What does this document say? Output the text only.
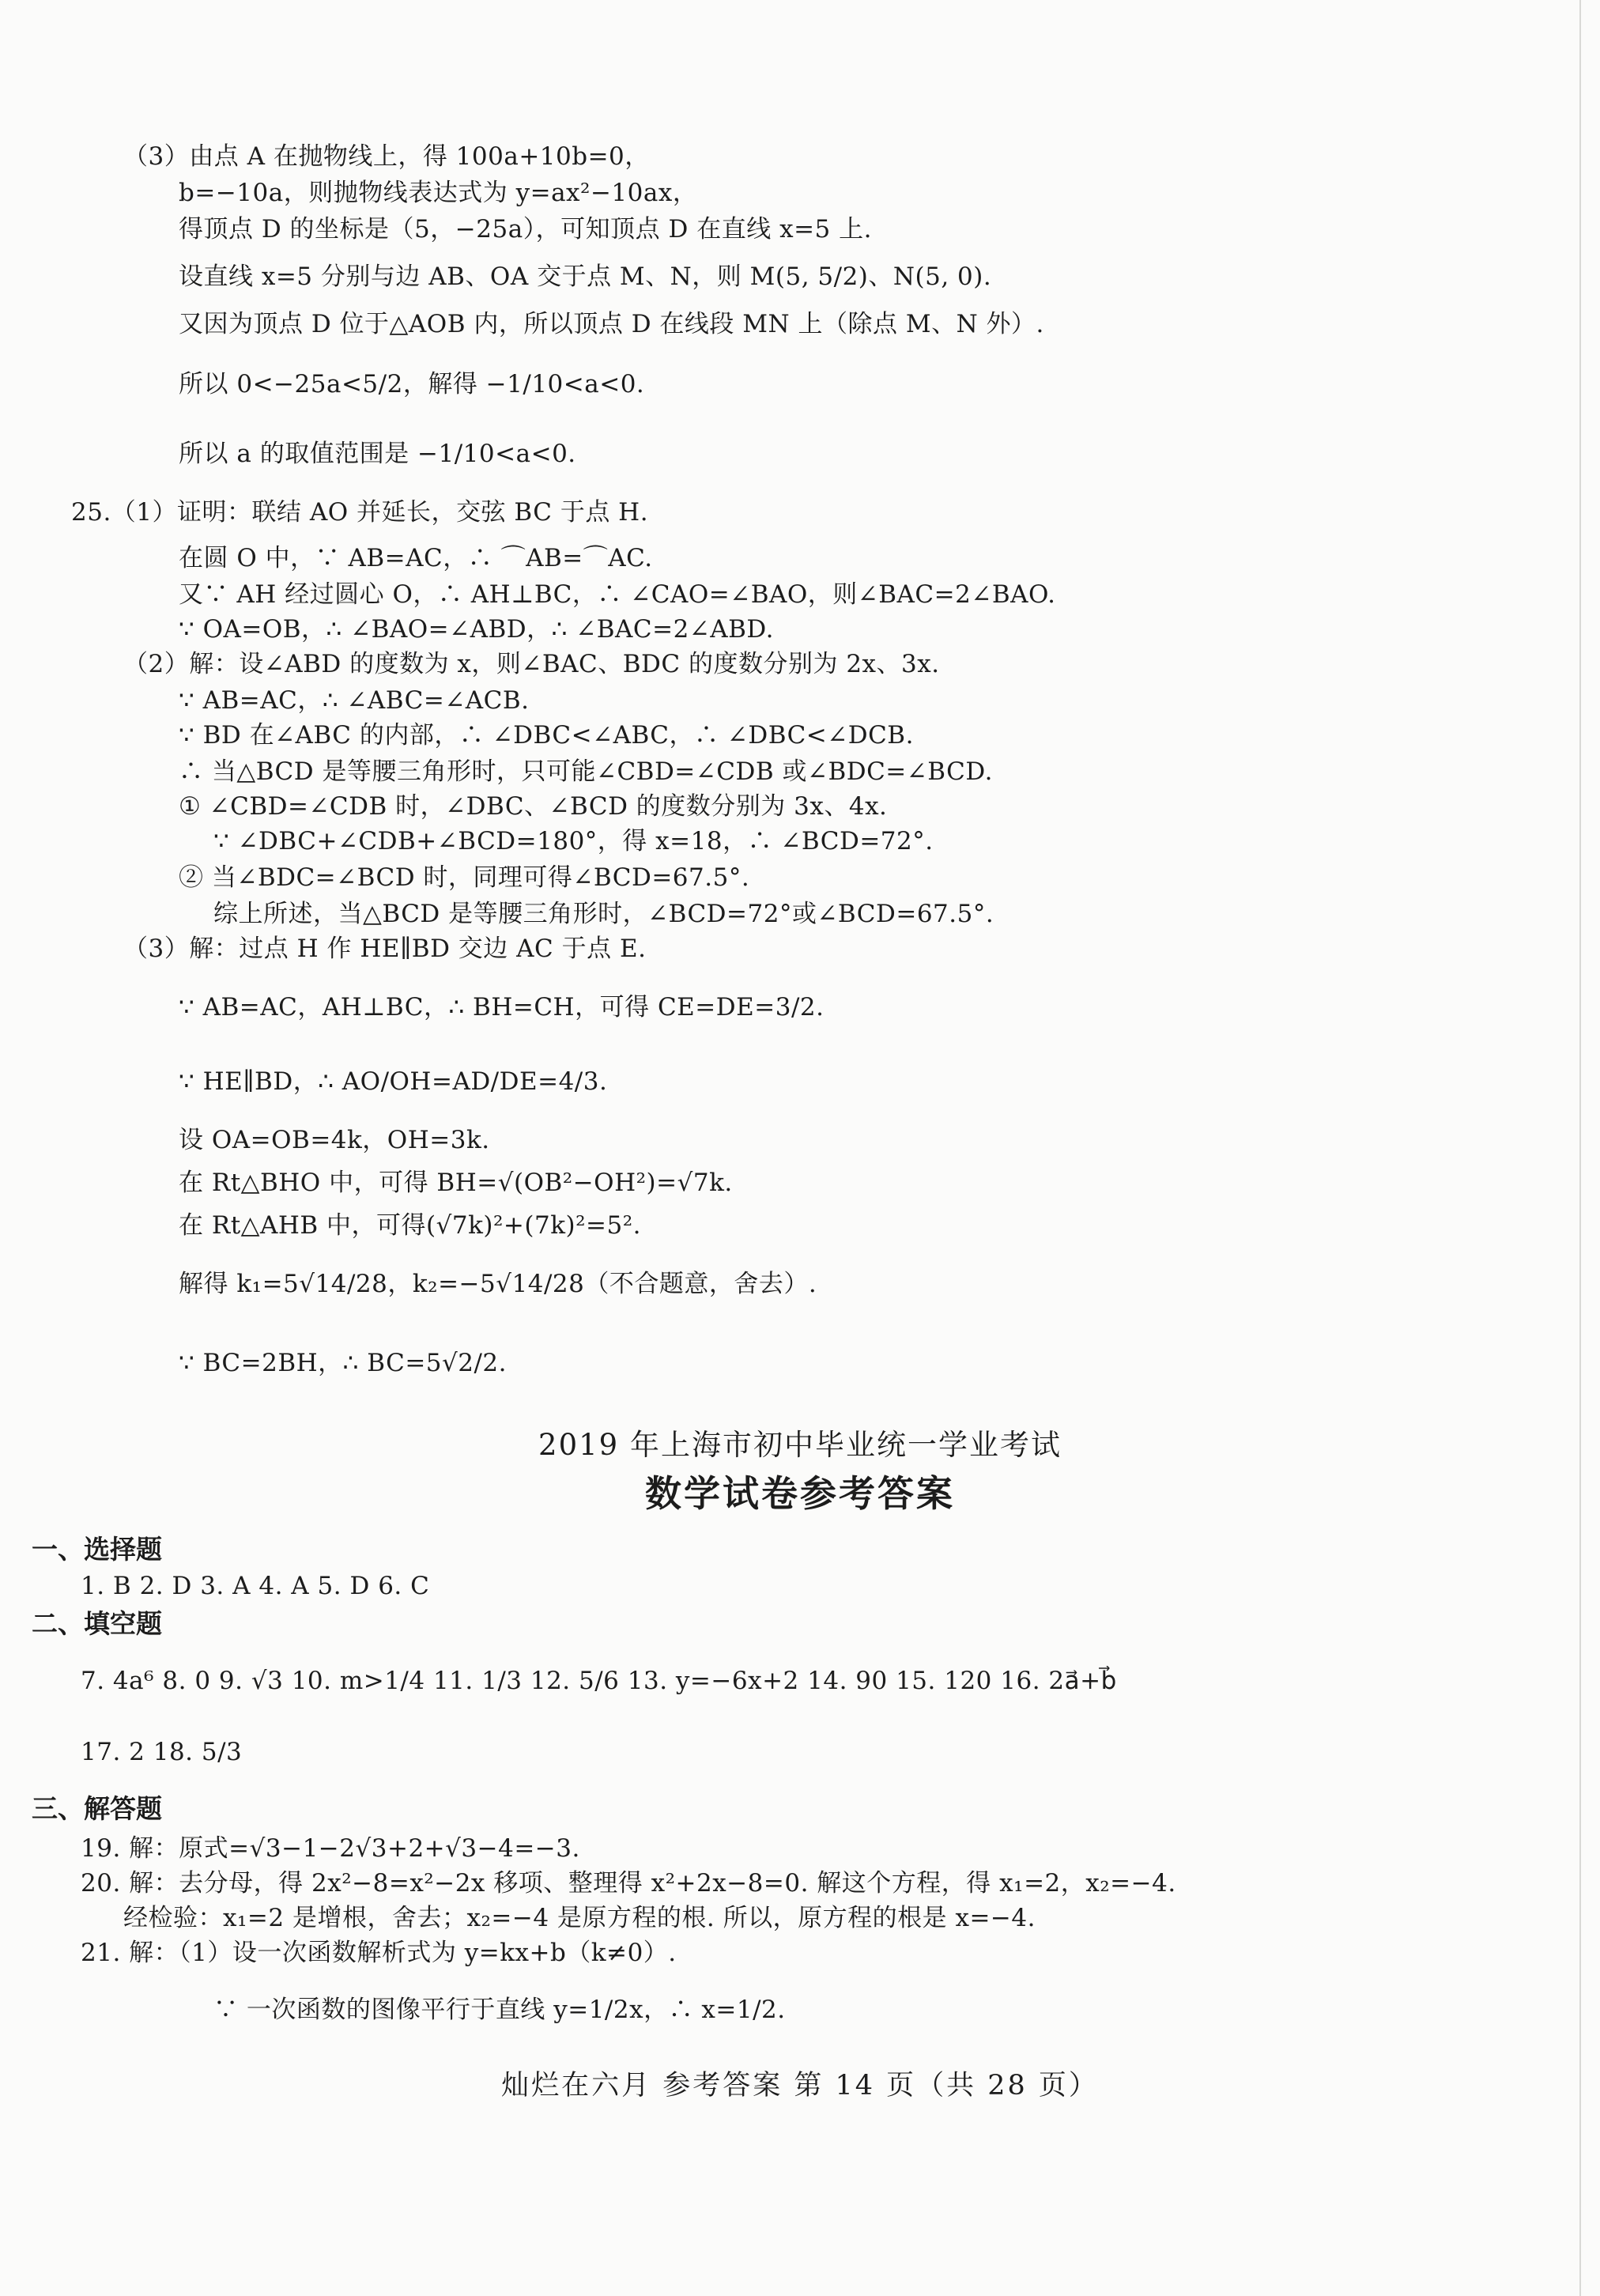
（3）由点 A 在抛物线上，得 100a+10b=0，
b=−10a，则抛物线表达式为 y=ax²−10ax，
得顶点 D 的坐标是（5，−25a），可知顶点 D 在直线 x=5 上.
设直线 x=5 分别与边 AB、OA 交于点 M、N，则 M(5, 5/2)、N(5, 0).
又因为顶点 D 位于△AOB 内，所以顶点 D 在线段 MN 上（除点 M、N 外）.
所以 0<−25a<5/2，解得 −1/10<a<0.
所以 a 的取值范围是 −1/10<a<0.
25.（1）证明：联结 AO 并延长，交弦 BC 于点 H.
在圆 O 中，∵ AB=AC，∴ ⌒AB=⌒AC.
又∵ AH 经过圆心 O，∴ AH⊥BC，∴ ∠CAO=∠BAO，则∠BAC=2∠BAO.
∵ OA=OB，∴ ∠BAO=∠ABD，∴ ∠BAC=2∠ABD.
（2）解：设∠ABD 的度数为 x，则∠BAC、BDC 的度数分别为 2x、3x.
∵ AB=AC，∴ ∠ABC=∠ACB.
∵ BD 在∠ABC 的内部，∴ ∠DBC<∠ABC，∴ ∠DBC<∠DCB.
∴ 当△BCD 是等腰三角形时，只可能∠CBD=∠CDB 或∠BDC=∠BCD.
① ∠CBD=∠CDB 时，∠DBC、∠BCD 的度数分别为 3x、4x.
∵ ∠DBC+∠CDB+∠BCD=180°，得 x=18，∴ ∠BCD=72°.
② 当∠BDC=∠BCD 时，同理可得∠BCD=67.5°.
综上所述，当△BCD 是等腰三角形时，∠BCD=72°或∠BCD=67.5°.
（3）解：过点 H 作 HE∥BD 交边 AC 于点 E.
∵ AB=AC，AH⊥BC，∴ BH=CH，可得 CE=DE=3/2.
∵ HE∥BD，∴ AO/OH=AD/DE=4/3.
设 OA=OB=4k，OH=3k.
在 Rt△BHO 中，可得 BH=√(OB²−OH²)=√7k.
在 Rt△AHB 中，可得(√7k)²+(7k)²=5².
解得 k₁=5√14/28，k₂=−5√14/28（不合题意，舍去）.
∵ BC=2BH，∴ BC=5√2/2.
2019 年上海市初中毕业统一学业考试
数学试卷参考答案
一、选择题
1. B 2. D 3. A 4. A 5. D 6. C
二、填空题
7. 4a⁶ 8. 0 9. √3 10. m>1/4 11. 1/3 12. 5/6 13. y=−6x+2 14. 90 15. 120 16. 2a⃗+b⃗
17. 2 18. 5/3
三、解答题
19. 解：原式=√3−1−2√3+2+√3−4=−3.
20. 解：去分母，得 2x²−8=x²−2x 移项、整理得 x²+2x−8=0. 解这个方程，得 x₁=2，x₂=−4.
经检验：x₁=2 是增根，舍去；x₂=−4 是原方程的根. 所以，原方程的根是 x=−4.
21. 解：（1）设一次函数解析式为 y=kx+b（k≠0）.
∵ 一次函数的图像平行于直线 y=1/2x，∴ x=1/2.
灿烂在六月 参考答案 第 14 页（共 28 页）
